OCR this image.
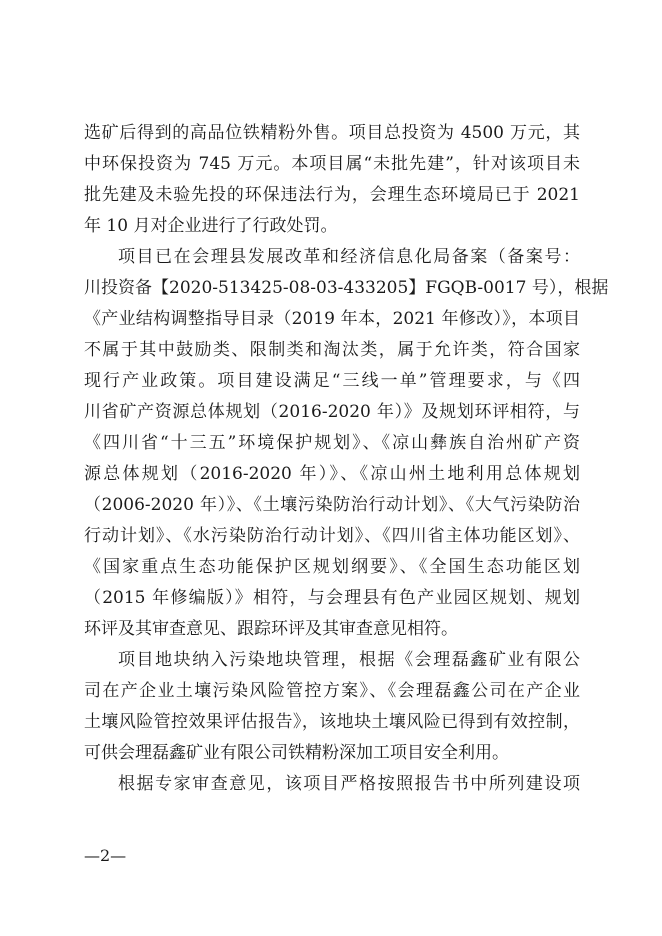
选矿后得到的高品位铁精粉外售。项目总投资为 4500 万元，其
中环保投资为 745 万元。本项目属“未批先建”，针对该项目未
批先建及未验先投的环保违法行为，会理生态环境局已于 2021
年 10 月对企业进行了行政处罚。
项目已在会理县发展改革和经济信息化局备案（备案号：
川投资备【2020-513425-08-03-433205】FGQB-0017 号），根据
《产业结构调整指导目录（2019 年本，2021 年修改）》，本项目
不属于其中鼓励类、限制类和淘汰类，属于允许类，符合国家
现行产业政策。项目建设满足“三线一单”管理要求，与《四
川省矿产资源总体规划（2016-2020 年）》及规划环评相符，与
《四川省“十三五”环境保护规划》、《凉山彝族自治州矿产资
源总体规划（2016-2020 年）》、《凉山州土地利用总体规划
（2006-2020 年）》、《土壤污染防治行动计划》、《大气污染防治
行动计划》、《水污染防治行动计划》、《四川省主体功能区划》、
《国家重点生态功能保护区规划纲要》、《全国生态功能区划
（2015 年修编版）》相符，与会理县有色产业园区规划、规划
环评及其审查意见、跟踪环评及其审查意见相符。
项目地块纳入污染地块管理，根据《会理磊鑫矿业有限公
司在产企业土壤污染风险管控方案》、《会理磊鑫公司在产企业
土壤风险管控效果评估报告》，该地块土壤风险已得到有效控制，
可供会理磊鑫矿业有限公司铁精粉深加工项目安全利用。
根据专家审查意见，该项目严格按照报告书中所列建设项
—2—
